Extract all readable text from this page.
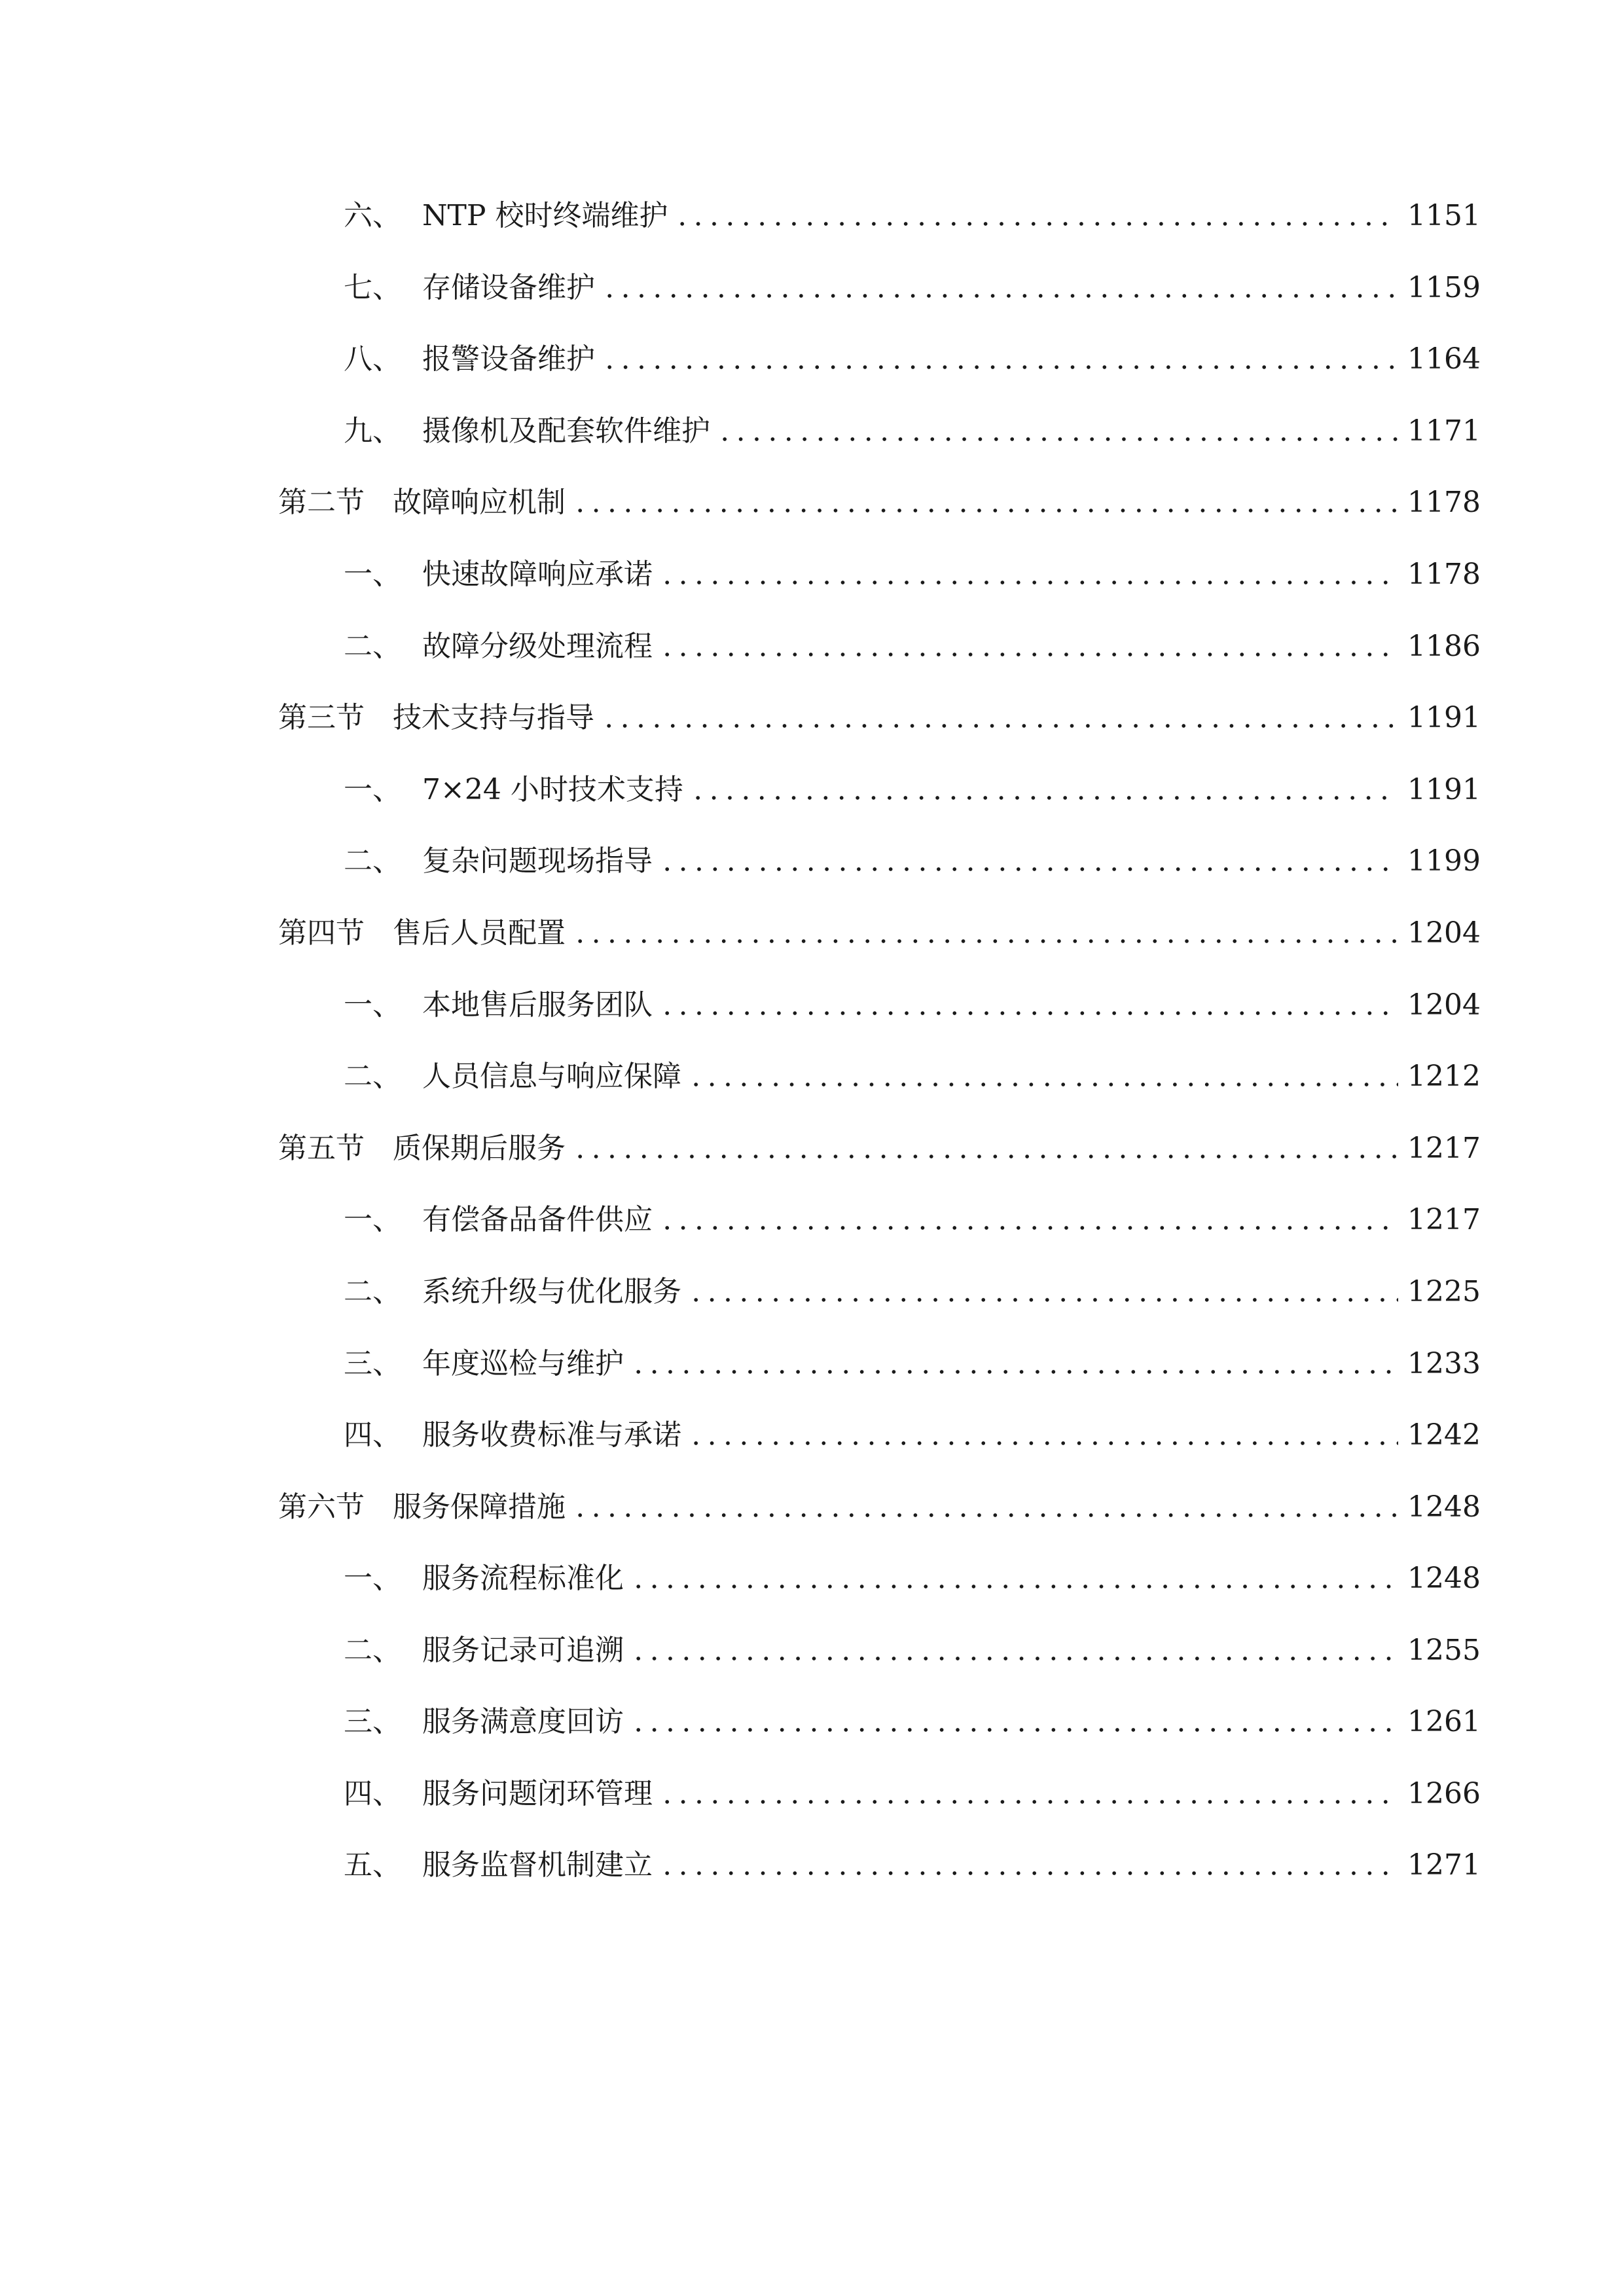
六、 NTP 校时终端维护	1151
七、 存储设备维护	1159
八、 报警设备维护	1164
九、 摄像机及配套软件维护	1171
第二节 故障响应机制	1178
一、 快速故障响应承诺	1178
二、 故障分级处理流程	1186
第三节 技术支持与指导	1191
一、 7×24 小时技术支持	1191
二、 复杂问题现场指导	1199
第四节 售后人员配置	1204
一、 本地售后服务团队	1204
二、 人员信息与响应保障	1212
第五节 质保期后服务	1217
一、 有偿备品备件供应	1217
二、 系统升级与优化服务	1225
三、 年度巡检与维护	1233
四、 服务收费标准与承诺	1242
第六节 服务保障措施	1248
一、 服务流程标准化	1248
二、 服务记录可追溯	1255
三、 服务满意度回访	1261
四、 服务问题闭环管理	1266
五、 服务监督机制建立	1271
